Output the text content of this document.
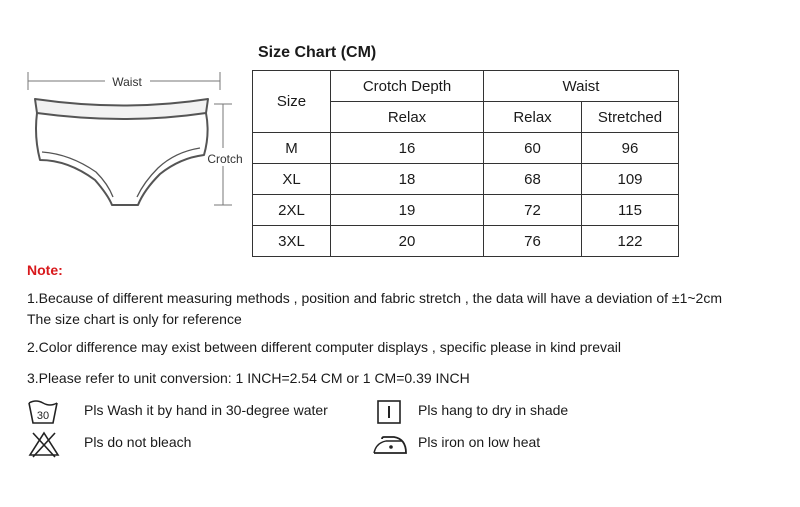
Waist
Crotch
Size Chart (CM)
Size	Crotch Depth	Waist	
	Relax	Relax	Stretched
M	16	60	96
XL	18	68	109
2XL	19	72	115
3XL	20	76	122
Note:
1.Because of different measuring methods , position and fabric stretch , the data will have a deviation of ±1~2cm
The size chart is only for reference
2.Color difference may exist between different computer displays , specific please in kind prevail
3.Please refer to unit conversion: 1 INCH=2.54 CM or 1 CM=0.39 INCH
30 Pls Wash it by hand in 30-degree water	Pls hang to dry in shade
Pls do not bleach	Pls iron on low heat
